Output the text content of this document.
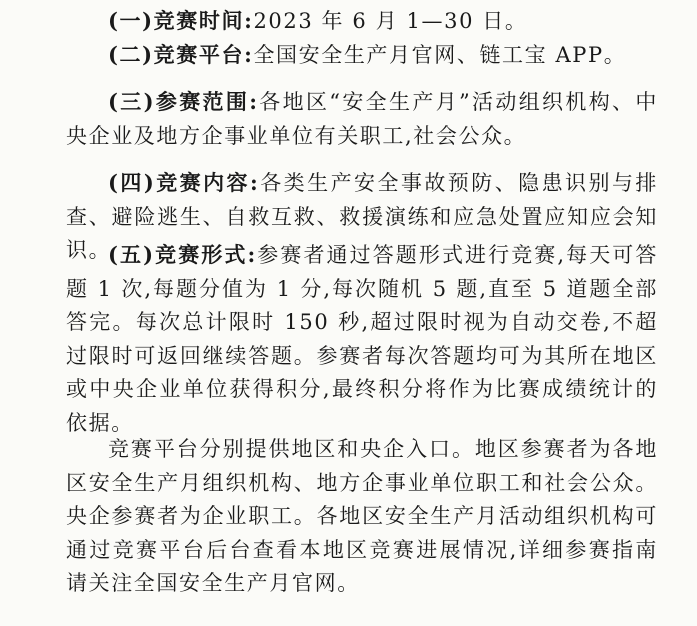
(一)竞赛时间:2023 年 6 月 1—30 日。

(二)竞赛平台:全国安全生产月官网、链工宝 APP。

(三)参赛范围:各地区“安全生产月”活动组织机构、中央企业及地方企事业单位有关职工,社会公众。

(四)竞赛内容:各类生产安全事故预防、隐患识别与排查、避险逃生、自救互救、救援演练和应急处置应知应会知识。

(五)竞赛形式:参赛者通过答题形式进行竞赛,每天可答题 1 次,每题分值为 1 分,每次随机 5 题,直至 5 道题全部答完。每次总计限时 150 秒,超过限时视为自动交卷,不超过限时可返回继续答题。参赛者每次答题均可为其所在地区或中央企业单位获得积分,最终积分将作为比赛成绩统计的依据。

竞赛平台分别提供地区和央企入口。地区参赛者为各地区安全生产月组织机构、地方企事业单位职工和社会公众。央企参赛者为企业职工。各地区安全生产月活动组织机构可通过竞赛平台后台查看本地区竞赛进展情况,详细参赛指南请关注全国安全生产月官网。
